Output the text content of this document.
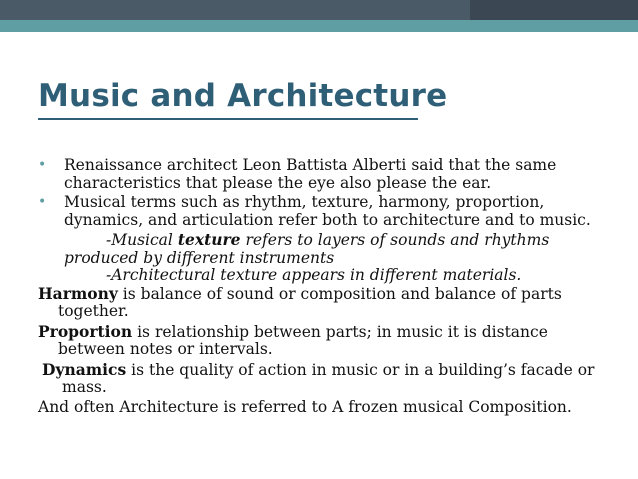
Music and Architecture
• Renaissance architect Leon Battista Alberti said that the same characteristics that please the eye also please the ear.
• Musical terms such as rhythm, texture, harmony, proportion, dynamics, and articulation refer both to architecture and to music.
-Musical texture refers to layers of sounds and rhythms
produced by different instruments
-Architectural texture appears in different materials.

Harmony is balance of sound or composition and balance of parts together.

Proportion is relationship between parts; in music it is distance between notes or intervals.

Dynamics is the quality of action in music or in a building’s facade or mass.

And often Architecture is referred to A frozen musical Composition.
